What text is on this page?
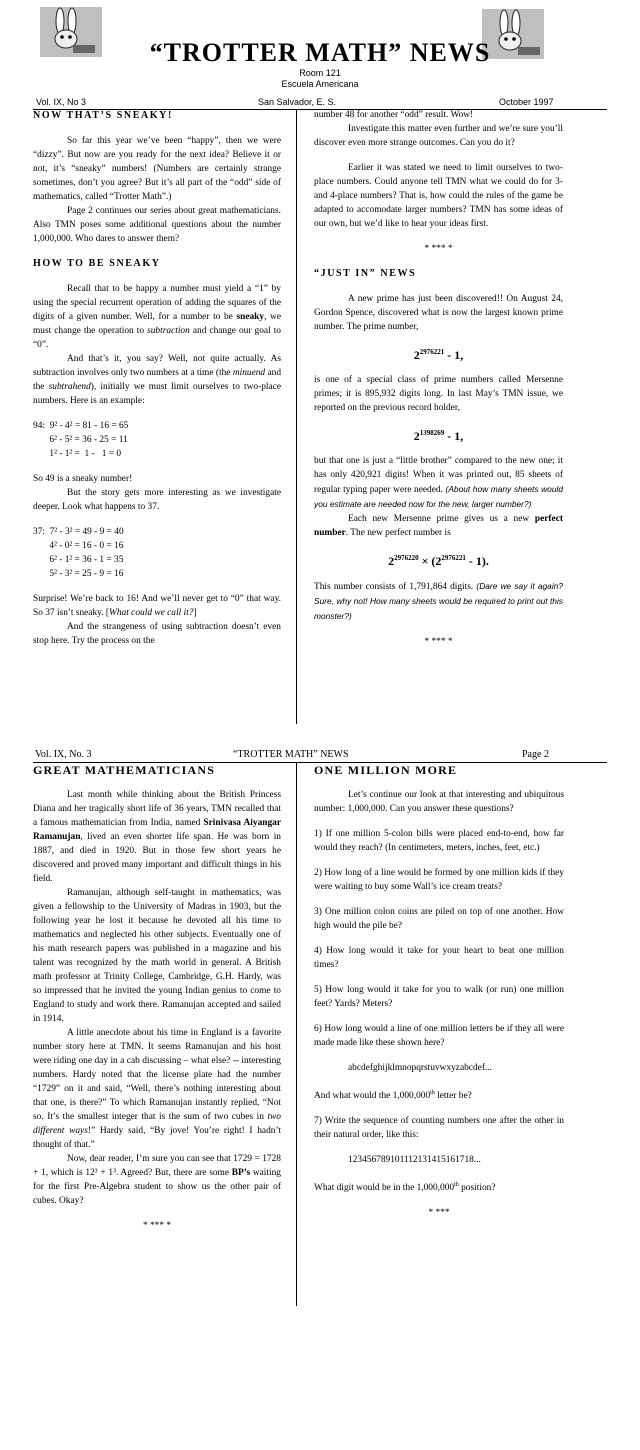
“TROTTER MATH” NEWS
Room 121
Escuela Americana
Vol. IX, No 3	San Salvador, E. S.	October 1997
NOW THAT’S SNEAKY!

So far this year we’ve been “happy”, then we were “dizzy”. But now are you ready for the next idea? Believe it or not, it’s “sneaky” numbers! (Numbers are certainly strange sometimes, don’t you agree? But it’s all part of the “odd” side of mathematics, called “Trotter Math”.)

Page 2 continues our series about great mathematicians. Also TMN poses some additional questions about the number 1,000,000. Who dares to answer them?

HOW TO BE SNEAKY

Recall that to be happy a number must yield a “1” by using the special recurrent operation of adding the squares of the digits of a given number. Well, for a number to be sneaky, we must change the operation to subtraction and change our goal to “0”.

And that’s it, you say? Well, not quite actually. As subtraction involves only two numbers at a time (the minuend and the subtrahend), initially we must limit ourselves to two-place numbers. Here is an example:

94:  9² - 4² = 81 - 16 = 65
6² - 5² = 36 - 25 = 11
1² - 1² =  1 -   1 = 0

So 49 is a sneaky number!

But the story gets more interesting as we investigate deeper. Look what happens to 37.

37:  7² - 3² = 49 - 9 = 40
4² - 0² = 16 - 0 = 16
6² - 1² = 36 - 1 = 35
5² - 3² = 25 - 9 = 16

Surprise! We’re back to 16! And we’ll never get to “0” that way. So 37 isn’t sneaky. [What could we call it?]

And the strangeness of using subtraction doesn’t even stop here. Try the process on the

number 48 for another “odd” result. Wow!

Investigate this matter even further and we’re sure you’ll discover even more strange outcomes. Can you do it?

Earlier it was stated we need to limit ourselves to two-place numbers. Could anyone tell TMN what we could do for 3- and 4-place numbers? That is, how could the rules of the game be adapted to accomodate larger numbers? TMN has some ideas of our own, but we’d like to hear your ideas first.

* *** *
“JUST IN” NEWS

A new prime has just been discovered!! On August 24, Gordon Spence, discovered what is now the largest known prime number. The prime number,

$2^{2976221} - 1$,

is one of a special class of prime numbers called Mersenne primes; it is 895,932 digits long. In last May’s TMN issue, we reported on the previous record holder,

$2^{1398269} - 1$,

but that one is just a “little brother” compared to the new one; it has only 420,921 digits! When it was printed out, 85 sheets of regular typing paper were needed. (About how many sheets would you estimate are needed now for the new, larger number?)

Each new Mersenne prime gives us a new perfect number. The new perfect number is

$2^{2976220} \times (2^{2976221} - 1)$.

This number consists of 1,791,864 digits. (Dare we say it again? Sure, why not! How many sheets would be required to print out this monster?)

* *** *
Vol. IX, No. 3	“TROTTER MATH” NEWS	Page 2
GREAT MATHEMATICIANS

Last month while thinking about the British Princess Diana and her tragically short life of 36 years, TMN recalled that a famous mathematician from India, named Srinivasa Aiyangar Ramanujan, lived an even shorter life span. He was born in 1887, and died in 1920. But in those few short years he discovered and proved many important and difficult things in his field.

Ramanujan, although self-taught in mathematics, was given a fellowship to the University of Madras in 1903, but the following year he lost it because he devoted all his time to mathematics and neglected his other subjects. Eventually one of his math research papers was published in a magazine and his talent was recognized by the math world in general. A British math professor at Trinity College, Cambridge, G.H. Hardy, was so impressed that he invited the young Indian genius to come to England to study and work there. Ramanujan accepted and sailed in 1914.

A little anecdote about his time in England is a favorite number story here at TMN. It seems Ramanujan and his host were riding one day in a cab discussing – what else? -- interesting numbers. Hardy noted that the license plate had the number “1729” on it and said, “Well, there’s nothing interesting about that one, is there?” To which Ramanujan instantly replied, “Not so. It’s the smallest integer that is the sum of two cubes in two different ways!” Hardy said, “By jove! You’re right! I hadn’t thought of that.”

Now, dear reader, I’m sure you can see that 1729 = 1728 + 1, which is 12³ + 1³. Agreed? But, there are some BP’s waiting for the first Pre-Algebra student to show us the other pair of cubes. Okay?

* *** *
ONE MILLION MORE

Let’s continue our look at that interesting and ubiquitous number: 1,000,000. Can you answer these questions?

1) If one million 5-colon bills were placed end-to-end, how far would they reach? (In centimeters, meters, inches, feet, etc.)

2) How long of a line would be formed by one million kids if they were waiting to buy some Wall’s ice cream treats?

3) One million colon coins are piled on top of one another. How high would the pile be?

4) How long would it take for your heart to beat one million times?

5) How long would it take for you to walk (or run) one million feet? Yards? Meters?

6) How long would a line of one million letters be if they all were made made like these shown here?

abcdefghijklmnopqrstuvwxyzabcdef...

And what would the 1,000,000th letter be?

7) Write the sequence of counting numbers one after the other in their natural order, like this:

123456789101112131415161718...

What digit would be in the 1,000,000th position?

* ***
